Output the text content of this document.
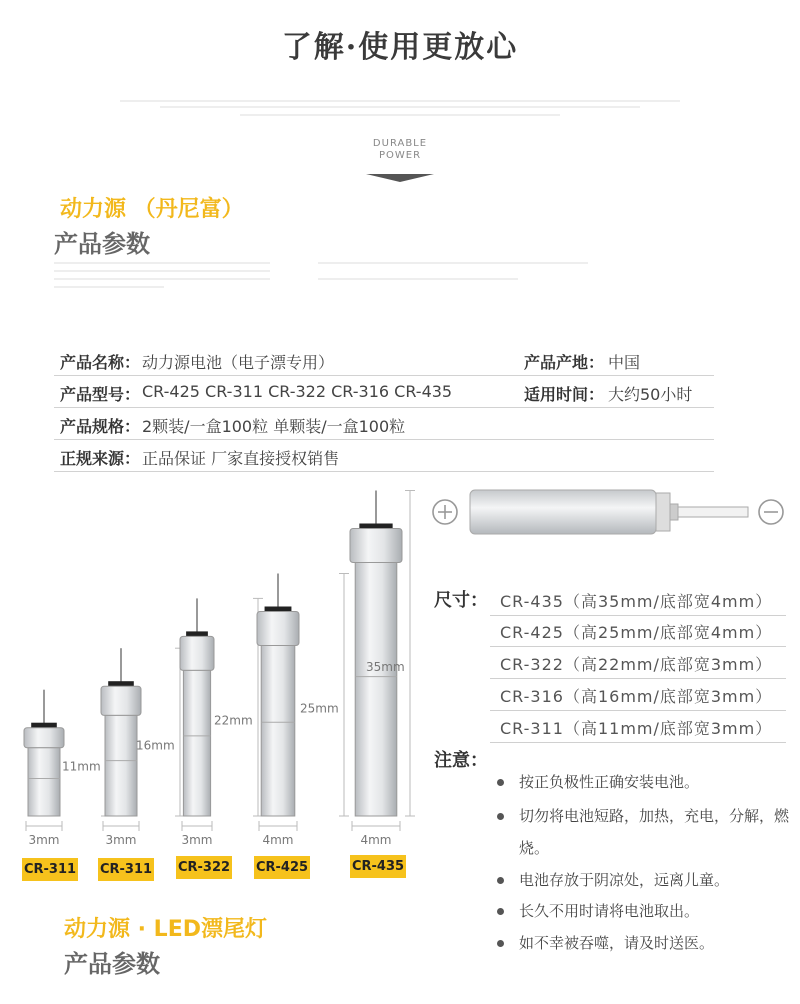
了解·使用更放心
DURABLE
POWER
动力源 （丹尼富）
产品参数
产品名称： 动力源电池（电子漂专用）	产品产地： 中国
产品型号： CR-425 CR-311 CR-322 CR-316 CR-435	适用时间： 大约50小时
产品规格： 2颗装/一盒100粒 单颗装/一盒100粒
正规来源： 正品保证 厂家直接授权销售
11mm
3mm
16mm
3mm
22mm
3mm
25mm
4mm
35mm
4mm
CR-311 CR-311 CR-322 CR-425	CR-435
尺寸： CR-435（高35mm/底部宽4mm）
CR-425（高25mm/底部宽4mm）
CR-322（高22mm/底部宽3mm）
CR-316（高16mm/底部宽3mm）
CR-311（高11mm/底部宽3mm）
注意：
按正负极性正确安装电池。
切勿将电池短路，加热，充电，分解，燃烧。
电池存放于阴凉处，远离儿童。
长久不用时请将电池取出。
如不幸被吞噬，请及时送医。
动力源 · LED漂尾灯
产品参数
